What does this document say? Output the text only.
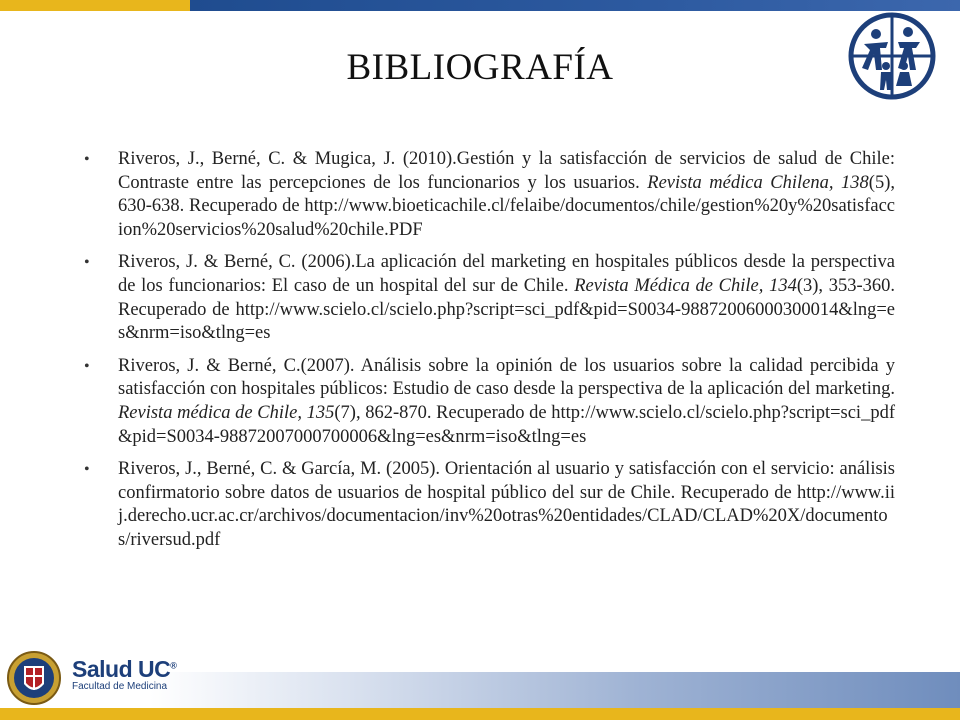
BIBLIOGRAFÍA
• Riveros, J., Berné, C. & Mugica, J. (2010).Gestión y la satisfacción de servicios de salud de Chile: Contraste entre las percepciones de los funcionarios y los usuarios. Revista médica Chilena, 138(5), 630-638. Recuperado de http://www.bioeticachile.cl/felaibe/documentos/chile/gestion%20y%20satisfaccion%20servicios%20salud%20chile.PDF
• Riveros, J. & Berné, C. (2006).La aplicación del marketing en hospitales públicos desde la perspectiva de los funcionarios: El caso de un hospital del sur de Chile. Revista Médica de Chile, 134(3), 353-360. Recuperado de http://www.scielo.cl/scielo.php?script=sci_pdf&pid=S0034-98872006000300014&lng=es&nrm=iso&tlng=es
• Riveros, J. & Berné, C.(2007). Análisis sobre la opinión de los usuarios sobre la calidad percibida y satisfacción con hospitales públicos: Estudio de caso desde la perspectiva de la aplicación del marketing. Revista médica de Chile, 135(7), 862-870. Recuperado de http://www.scielo.cl/scielo.php?script=sci_pdf&pid=S0034-98872007000700006&lng=es&nrm=iso&tlng=es
• Riveros, J., Berné, C. & García, M. (2005). Orientación al usuario y satisfacción con el servicio: análisis confirmatorio sobre datos de usuarios de hospital público del sur de Chile. Recuperado de http://www.iij.derecho.ucr.ac.cr/archivos/documentacion/inv%20otras%20entidades/CLAD/CLAD%20X/documentos/riversud.pdf
Salud UC®
Facultad de Medicina
